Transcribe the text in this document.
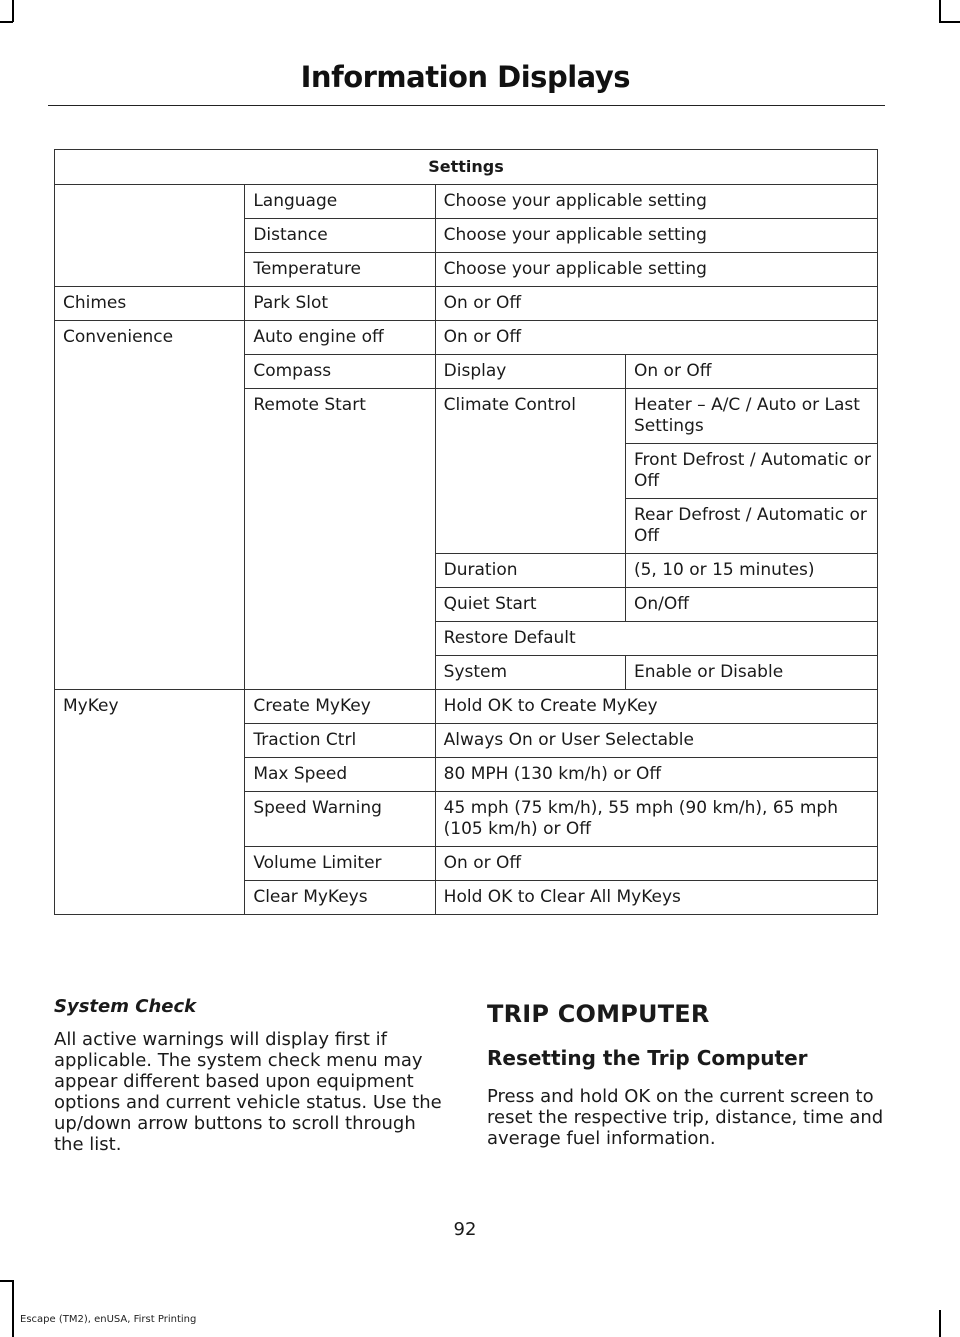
Information Displays
Settings			
	Language	Choose your applicable setting	
	Distance	Choose your applicable setting	
	Temperature	Choose your applicable setting	
Chimes	Park Slot	On or Off	
Convenience	Auto engine off	On or Off	
	Compass	Display	On or Off
	Remote Start	Climate Control	Heater – A/C / Auto or Last Settings
			Front Defrost / Automatic or Off
			Rear Defrost / Automatic or Off
		Duration	(5, 10 or 15 minutes)
		Quiet Start	On/Off
		Restore Default	
		System	Enable or Disable
MyKey	Create MyKey	Hold OK to Create MyKey	
	Traction Ctrl	Always On or User Selectable	
	Max Speed	80 MPH (130 km/h) or Off	
	Speed Warning	45 mph (75 km/h), 55 mph (90 km/h), 65 mph (105 km/h) or Off	
	Volume Limiter	On or Off	
	Clear MyKeys	Hold OK to Clear All MyKeys	

System Check

All active warnings will display first if applicable. The system check menu may appear different based upon equipment options and current vehicle status. Use the up/down arrow buttons to scroll through the list.

TRIP COMPUTER

Resetting the Trip Computer

Press and hold OK on the current screen to reset the respective trip, distance, time and average fuel information.

92
Escape (TM2), enUSA, First Printing
